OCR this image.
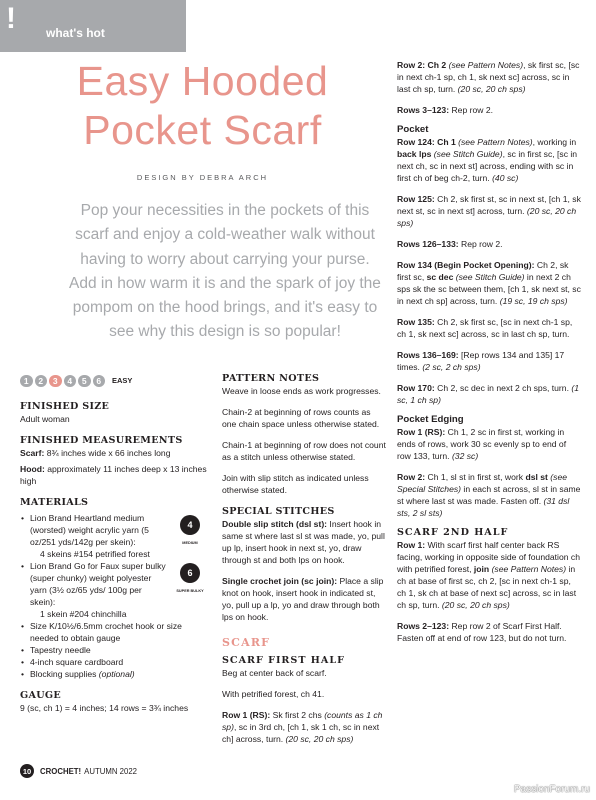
!	what's hot
Easy Hooded
Pocket Scarf
DESIGN BY DEBRA ARCH
Pop your necessities in the pockets of this
scarf and enjoy a cold-weather walk without
having to worry about carrying your purse.
Add in how warm it is and the spark of joy the
pompom on the hood brings, and it's easy to
see why this design is so popular!
1	2	3	4	5	6	EASY
FINISHED SIZE
Adult woman
FINISHED MEASUREMENTS
Scarf: 8¾ inches wide x 66 inches long
Hood: approximately 11 inches deep x 13 inches high
MATERIALS
• Lion Brand Heartland medium (worsted) weight acrylic yarn (5 oz/251 yds/142g per skein):
4 skeins #154 petrified forest
4
MEDIUM
• Lion Brand Go for Faux super bulky (super chunky) weight polyester yarn (3½ oz/65 yds/ 100g per skein):
1 skein #204 chinchilla
6
SUPER BULKY
• Size K/10½/6.5mm crochet hook or size needed to obtain gauge
• Tapestry needle
• 4-inch square cardboard
• Blocking supplies (optional)
GAUGE
9 (sc, ch 1) = 4 inches; 14 rows = 3¾ inches
PATTERN NOTES
Weave in loose ends as work progresses.
Chain-2 at beginning of rows counts as one chain space unless otherwise stated.
Chain-1 at beginning of row does not count as a stitch unless otherwise stated.
Join with slip stitch as indicated unless otherwise stated.
SPECIAL STITCHES
Double slip stitch (dsl st): Insert hook in same st where last sl st was made, yo, pull up lp, insert hook in next st, yo, draw through st and both lps on hook.
Single crochet join (sc join): Place a slip knot on hook, insert hook in indicated st, yo, pull up a lp, yo and draw through both lps on hook.
SCARF
SCARF FIRST HALF
Beg at center back of scarf.
With petrified forest, ch 41.
Row 1 (RS): Sk first 2 chs (counts as 1 ch sp), sc in 3rd ch, [ch 1, sk 1 ch, sc in next ch] across, turn. (20 sc, 20 ch sps)
Row 2: Ch 2 (see Pattern Notes), sk first sc, [sc in next ch-1 sp, ch 1, sk next sc] across, sc in last ch sp, turn. (20 sc, 20 ch sps)
Rows 3–123: Rep row 2.
Pocket
Row 124: Ch 1 (see Pattern Notes), working in back lps (see Stitch Guide), sc in first sc, [sc in next ch, sc in next st] across, ending with sc in first ch of beg ch-2, turn. (40 sc)
Row 125: Ch 2, sk first st, sc in next st, [ch 1, sk next st, sc in next st] across, turn. (20 sc, 20 ch sps)
Rows 126–133: Rep row 2.
Row 134 (Begin Pocket Opening): Ch 2, sk first sc, sc dec (see Stitch Guide) in next 2 ch sps sk the sc between them, [ch 1, sk next st, sc in next ch sp] across, turn. (19 sc, 19 ch sps)
Row 135: Ch 2, sk first sc, [sc in next ch-1 sp, ch 1, sk next sc] across, sc in last ch sp, turn.
Rows 136–169: [Rep rows 134 and 135] 17 times. (2 sc, 2 ch sps)
Row 170: Ch 2, sc dec in next 2 ch sps, turn. (1 sc, 1 ch sp)
Pocket Edging
Row 1 (RS): Ch 1, 2 sc in first st, working in ends of rows, work 30 sc evenly sp to end of row 133, turn. (32 sc)
Row 2: Ch 1, sl st in first st, work dsl st (see Special Stitches) in each st across, sl st in same st where last st was made. Fasten off. (31 dsl sts, 2 sl sts)
SCARF 2ND HALF
Row 1: With scarf first half center back RS facing, working in opposite side of foundation ch with petrified forest, join (see Pattern Notes) in ch at base of first sc, ch 2, [sc in next ch-1 sp, ch 1, sk ch at base of next sc] across, sc in last ch sp, turn. (20 sc, 20 ch sps)
Rows 2–123: Rep row 2 of Scarf First Half. Fasten off at end of row 123, but do not turn.
10	CROCHET! AUTUMN 2022
PassionForum.ru
